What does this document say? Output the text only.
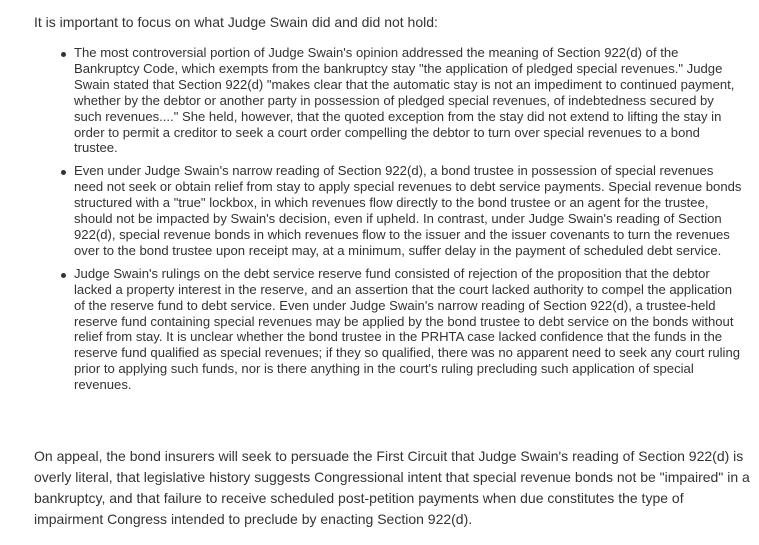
It is important to focus on what Judge Swain did and did not hold:

The most controversial portion of Judge Swain's opinion addressed the meaning of Section 922(d) of the Bankruptcy Code, which exempts from the bankruptcy stay "the application of pledged special revenues." Judge Swain stated that Section 922(d) "makes clear that the automatic stay is not an impediment to continued payment, whether by the debtor or another party in possession of pledged special revenues, of indebtedness secured by such revenues...." She held, however, that the quoted exception from the stay did not extend to lifting the stay in order to permit a creditor to seek a court order compelling the debtor to turn over special revenues to a bond trustee.
Even under Judge Swain's narrow reading of Section 922(d), a bond trustee in possession of special revenues need not seek or obtain relief from stay to apply special revenues to debt service payments. Special revenue bonds structured with a "true" lockbox, in which revenues flow directly to the bond trustee or an agent for the trustee, should not be impacted by Swain's decision, even if upheld. In contrast, under Judge Swain's reading of Section 922(d), special revenue bonds in which revenues flow to the issuer and the issuer covenants to turn the revenues over to the bond trustee upon receipt may, at a minimum, suffer delay in the payment of scheduled debt service.
Judge Swain's rulings on the debt service reserve fund consisted of rejection of the proposition that the debtor lacked a property interest in the reserve, and an assertion that the court lacked authority to compel the application of the reserve fund to debt service. Even under Judge Swain's narrow reading of Section 922(d), a trustee-held reserve fund containing special revenues may be applied by the bond trustee to debt service on the bonds without relief from stay. It is unclear whether the bond trustee in the PRHTA case lacked confidence that the funds in the reserve fund qualified as special revenues; if they so qualified, there was no apparent need to seek any court ruling prior to applying such funds, nor is there anything in the court's ruling precluding such application of special revenues.

On appeal, the bond insurers will seek to persuade the First Circuit that Judge Swain's reading of Section 922(d) is overly literal, that legislative history suggests Congressional intent that special revenue bonds not be "impaired" in a bankruptcy, and that failure to receive scheduled post-petition payments when due constitutes the type of impairment Congress intended to preclude by enacting Section 922(d).
